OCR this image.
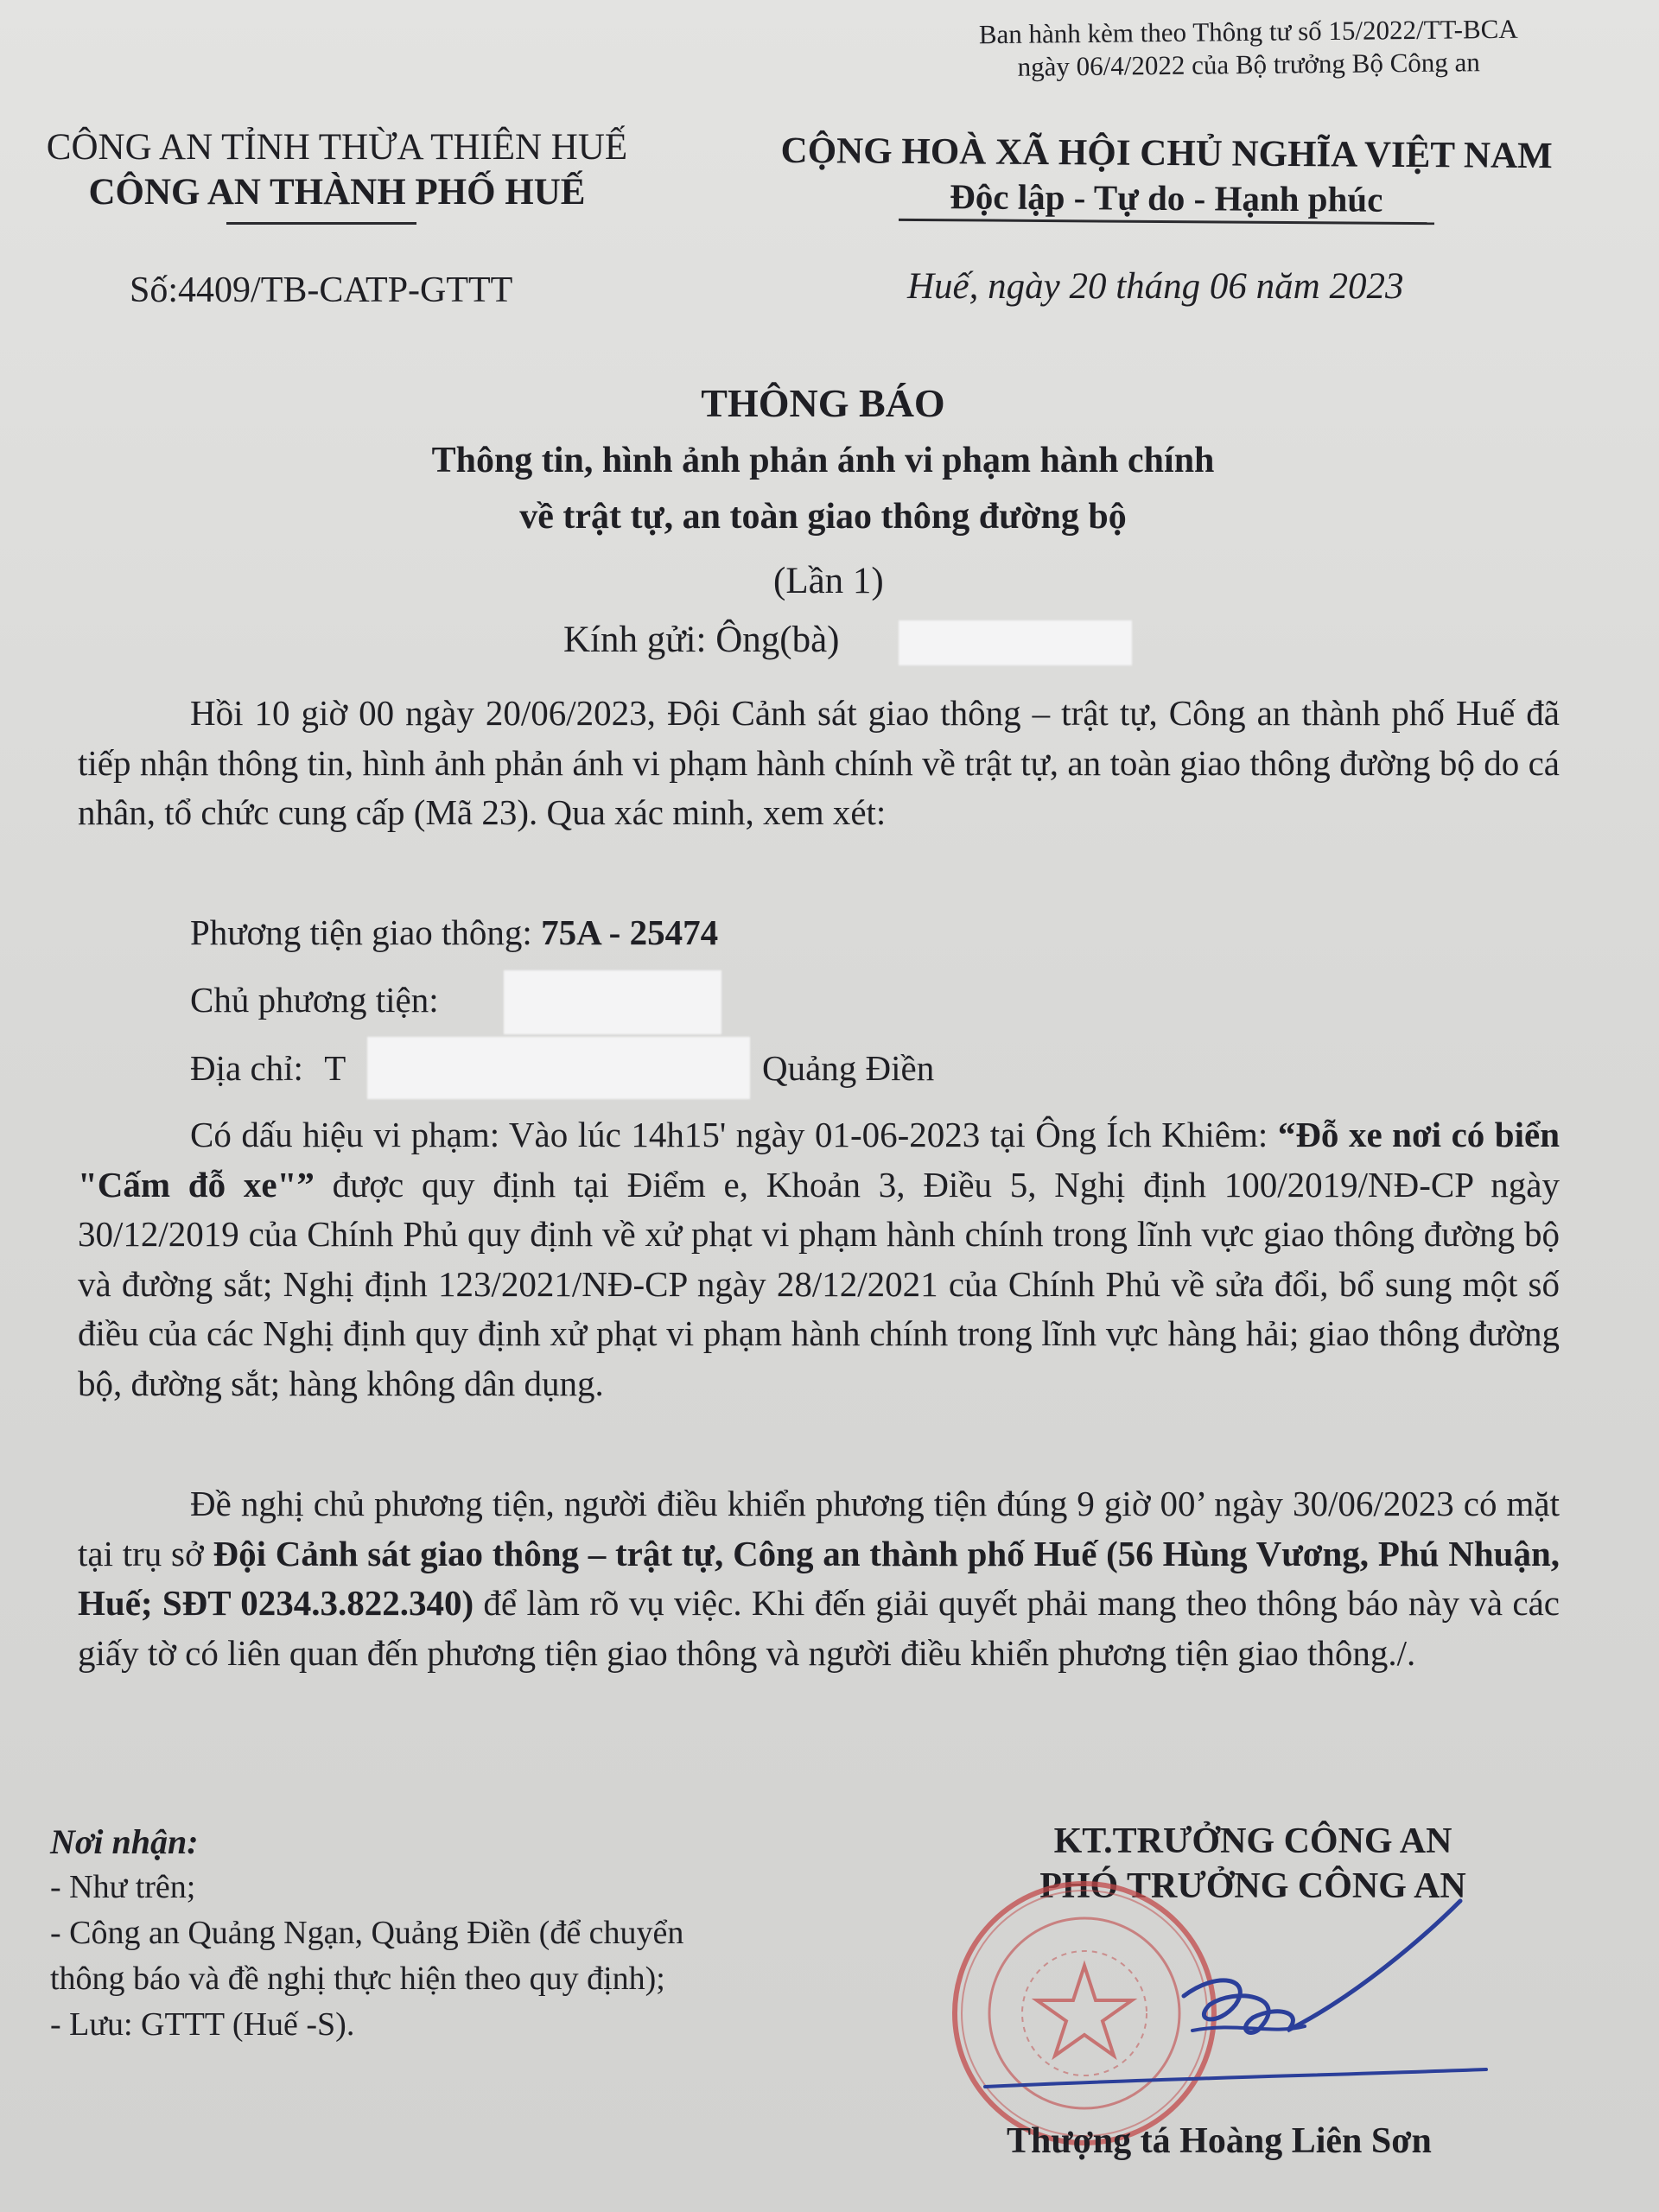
Ban hành kèm theo Thông tư số 15/2022/TT-BCA
ngày 06/4/2022 của Bộ trưởng Bộ Công an
CÔNG AN TỈNH THỪA THIÊN HUẾ
CÔNG AN THÀNH PHỐ HUẾ
Số:4409/TB-CATP-GTTT
CỘNG HOÀ XÃ HỘI CHỦ NGHĨA VIỆT NAM
Độc lập - Tự do - Hạnh phúc
Huế, ngày 20 tháng 06 năm 2023
THÔNG BÁO
Thông tin, hình ảnh phản ánh vi phạm hành chính
về trật tự, an toàn giao thông đường bộ
(Lần 1)
Kính gửi: Ông(bà)
Hồi 10 giờ 00 ngày 20/06/2023, Đội Cảnh sát giao thông – trật tự, Công an thành phố Huế đã tiếp nhận thông tin, hình ảnh phản ánh vi phạm hành chính về trật tự, an toàn giao thông đường bộ do cá nhân, tổ chức cung cấp (Mã 23). Qua xác minh, xem xét:
Phương tiện giao thông: 75A - 25474
Chủ phương tiện:
Địa chỉ: T	Quảng Điền
Có dấu hiệu vi phạm: Vào lúc 14h15' ngày 01-06-2023 tại Ông Ích Khiêm: “Đỗ xe nơi có biển "Cấm đỗ xe"” được quy định tại Điểm e, Khoản 3, Điều 5, Nghị định 100/2019/NĐ-CP ngày 30/12/2019 của Chính Phủ quy định về xử phạt vi phạm hành chính trong lĩnh vực giao thông đường bộ và đường sắt; Nghị định 123/2021/NĐ-CP ngày 28/12/2021 của Chính Phủ về sửa đổi, bổ sung một số điều của các Nghị định quy định xử phạt vi phạm hành chính trong lĩnh vực hàng hải; giao thông đường bộ, đường sắt; hàng không dân dụng.
Đề nghị chủ phương tiện, người điều khiển phương tiện đúng 9 giờ 00’ ngày 30/06/2023 có mặt tại trụ sở Đội Cảnh sát giao thông – trật tự, Công an thành phố Huế (56 Hùng Vương, Phú Nhuận, Huế; SĐT 0234.3.822.340) để làm rõ vụ việc. Khi đến giải quyết phải mang theo thông báo này và các giấy tờ có liên quan đến phương tiện giao thông và người điều khiển phương tiện giao thông./.
Nơi nhận:
- Như trên;
- Công an Quảng Ngạn, Quảng Điền (để chuyển
thông báo và đề nghị thực hiện theo quy định);
- Lưu: GTTT (Huế -S).
KT.TRƯỞNG CÔNG AN
PHÓ TRƯỞNG CÔNG AN
Thượng tá Hoàng Liên Sơn
